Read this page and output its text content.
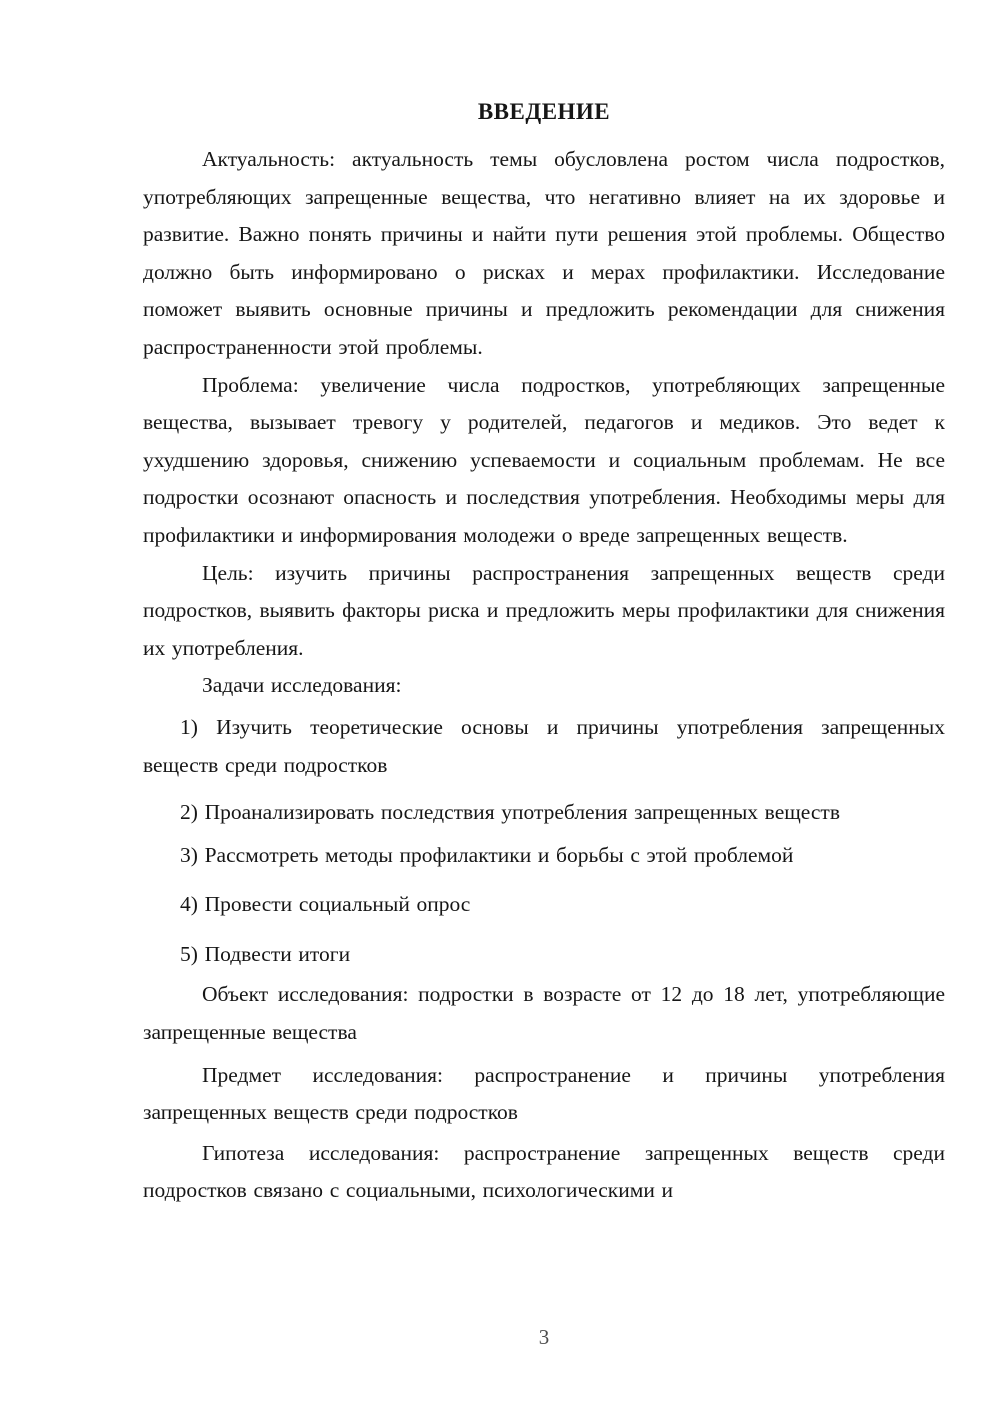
ВВЕДЕНИЕ

Актуальность: актуальность темы обусловлена ростом числа подростков, употребляющих запрещенные вещества, что негативно влияет на их здоровье и развитие. Важно понять причины и найти пути решения этой проблемы. Общество должно быть информировано о рисках и мерах профилактики. Исследование поможет выявить основные причины и предложить рекомендации для снижения распространенности этой проблемы.

Проблема: увеличение числа подростков, употребляющих запрещенные вещества, вызывает тревогу у родителей, педагогов и медиков. Это ведет к ухудшению здоровья, снижению успеваемости и социальным проблемам. Не все подростки осознают опасность и последствия употребления. Необходимы меры для профилактики и информирования молодежи о вреде запрещенных веществ.

Цель: изучить причины распространения запрещенных веществ среди подростков, выявить факторы риска и предложить меры профилактики для снижения их употребления.

Задачи исследования:

1) Изучить теоретические основы и причины употребления запрещенных веществ среди подростков

2) Проанализировать последствия употребления запрещенных веществ

3) Рассмотреть методы профилактики и борьбы с этой проблемой

4) Провести социальный опрос

5) Подвести итоги

Объект исследования: подростки в возрасте от 12 до 18 лет, употребляющие запрещенные вещества

Предмет исследования: распространение и причины употребления запрещенных веществ среди подростков

Гипотеза исследования: распространение запрещенных веществ среди подростков связано с социальными, психологическими и

3
